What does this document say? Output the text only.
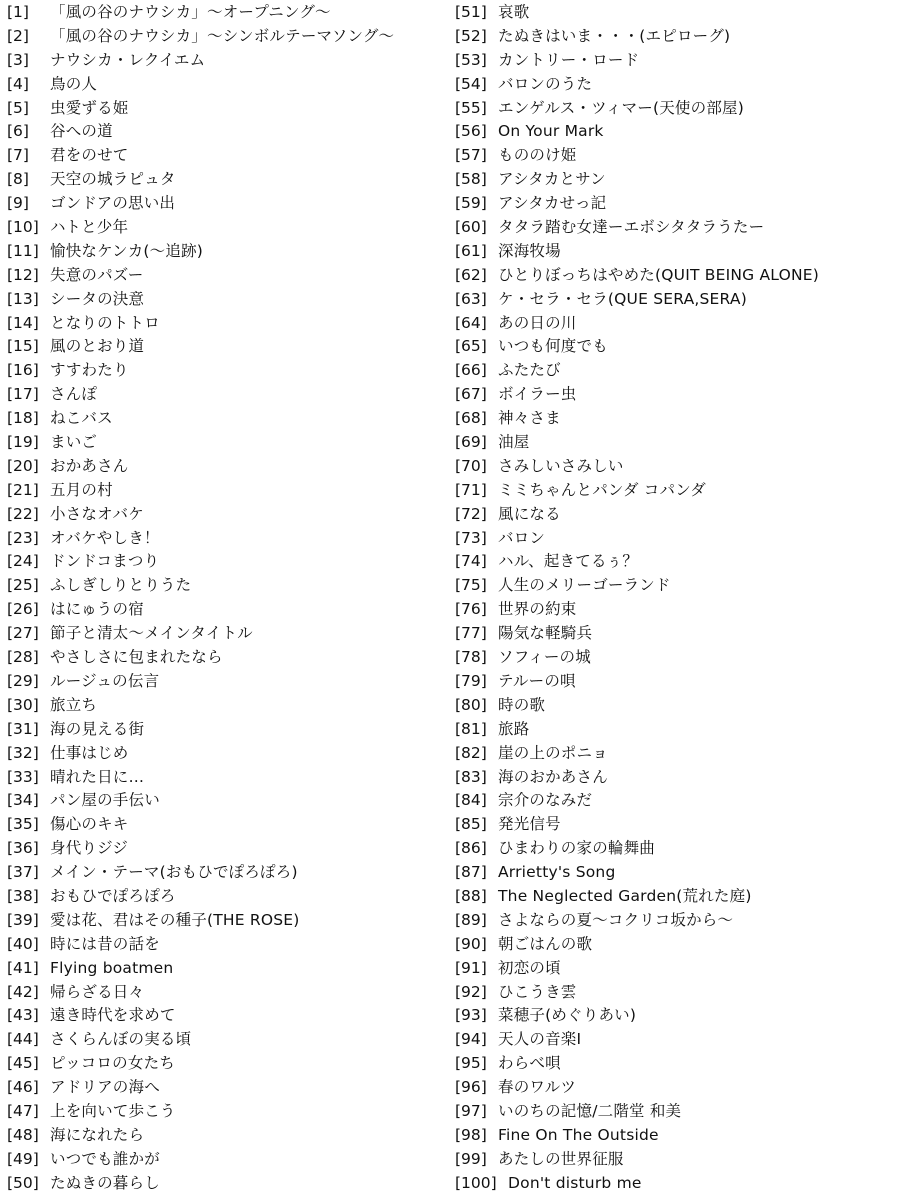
[1]	「風の谷のナウシカ」〜オープニング〜
[2]	「風の谷のナウシカ」〜シンボルテーマソング〜
[3]	ナウシカ・レクイエム
[4]	鳥の人
[5]	虫愛ずる姫
[6]	谷への道
[7]	君をのせて
[8]	天空の城ラピュタ
[9]	ゴンドアの思い出
[10] ハトと少年
[11] 愉快なケンカ(〜追跡)
[12] 失意のパズー
[13] シータの決意
[14] となりのトトロ
[15] 風のとおり道
[16] すすわたり
[17] さんぽ
[18] ねこバス
[19] まいご
[20] おかあさん
[21] 五月の村
[22] 小さなオバケ
[23] オバケやしき！
[24] ドンドコまつり
[25] ふしぎしりとりうた
[26] はにゅうの宿
[27] 節子と清太〜メインタイトル
[28] やさしさに包まれたなら
[29] ルージュの伝言
[30] 旅立ち
[31] 海の見える街
[32] 仕事はじめ
[33] 晴れた日に…
[34] パン屋の手伝い
[35] 傷心のキキ
[36] 身代りジジ
[37] メイン・テーマ(おもひでぽろぽろ)
[38] おもひでぽろぽろ
[39] 愛は花、君はその種子(THE ROSE)
[40] 時には昔の話を
[41] Flying boatmen
[42] 帰らざる日々
[43] 遠き時代を求めて
[44] さくらんぼの実る頃
[45] ピッコロの女たち
[46] アドリアの海へ
[47] 上を向いて歩こう
[48] 海になれたら
[49] いつでも誰かが
[50] たぬきの暮らし
[51] 哀歌
[52] たぬきはいま・・・(エピローグ)
[53] カントリー・ロード
[54] バロンのうた
[55] エンゲルス・ツィマー(天使の部屋)
[56] On Your Mark
[57] もののけ姫
[58] アシタカとサン
[59] アシタカせっ記
[60] タタラ踏む女達ーエボシタタラうたー
[61] 深海牧場
[62] ひとりぼっちはやめた(QUIT BEING ALONE)
[63] ケ・セラ・セラ(QUE SERA,SERA)
[64] あの日の川
[65] いつも何度でも
[66] ふたたび
[67] ボイラー虫
[68] 神々さま
[69] 油屋
[70] さみしいさみしい
[71] ミミちゃんとパンダ コパンダ
[72] 風になる
[73] バロン
[74] ハル、起きてるぅ？
[75] 人生のメリーゴーランド
[76] 世界の約束
[77] 陽気な軽騎兵
[78] ソフィーの城
[79] テルーの唄
[80] 時の歌
[81] 旅路
[82] 崖の上のポニョ
[83] 海のおかあさん
[84] 宗介のなみだ
[85] 発光信号
[86] ひまわりの家の輪舞曲
[87] Arrietty's Song
[88] The Neglected Garden(荒れた庭)
[89] さよならの夏〜コクリコ坂から〜
[90] 朝ごはんの歌
[91] 初恋の頃
[92] ひこうき雲
[93] 菜穂子(めぐりあい)
[94] 天人の音楽I
[95] わらべ唄
[96] 春のワルツ
[97] いのちの記憶/二階堂 和美
[98] Fine On The Outside
[99] あたしの世界征服
[100] Don't disturb me
